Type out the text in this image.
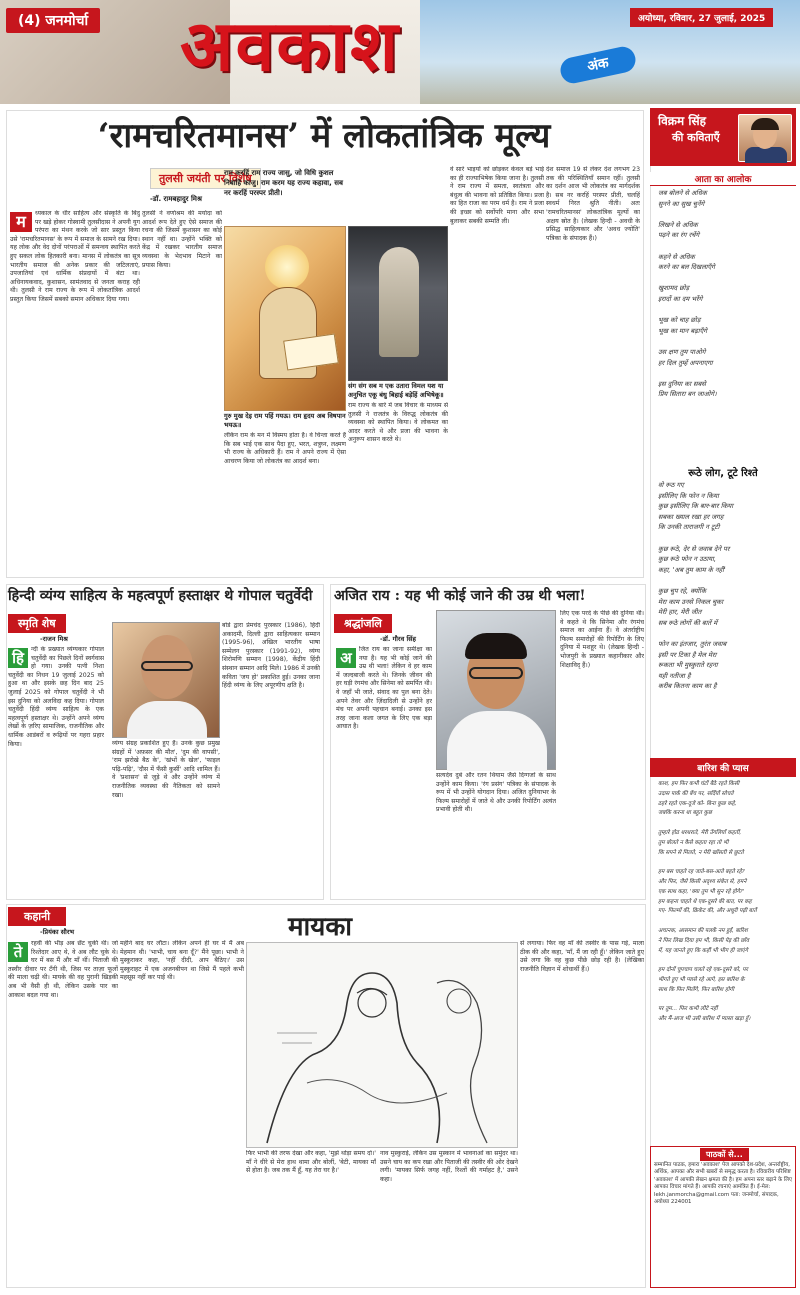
(4) जनमोर्चा अवकाश	अंक
अयोध्या, रविवार, 27 जुलाई, 2025
‘रामचरितमानस’ में लोकतांत्रिक मूल्य
तुलसी जयंती पर विशेष
-डॉ. रामबहादुर मिश्र
म	ध्यकाल के धीर साहित्य और संस्कृति के बिंदु पर खड़े होकर गोस्वामी तुलसीदास ने अपनी युग परंपरा का मंथन करके जो सार प्रस्तुत किया उसे 'रामचरितमानस' के रूप में समाज के सामने रख दिया। यह लोक और वेद दोनों परंपराओं में समन्वय स्थापित करते हुए सकल लोक हितकारी बना। मानस में लोकतंत्र का सूत्र भारतीय समाज की अनेक प्रकार की जटिलताएं, उपजातियां एवं धार्मिक संप्रदायों में बंटा था। अधिनायकवाद, कुशासन, सामंतवाद से जनता कराह रही थी। तुलसी ने राम राज्य के रूप में लोकतांत्रिक आदर्श प्रस्तुत किया जिसमें सबको समान अधिकार दिया गया।
तुलसी ने वर्णाश्रम की मर्यादा को आदर्श रूप देते हुए ऐसे समाज की रचना की जिसमें कुशासन का कोई स्थान नहीं था। उन्होंने भक्ति को केंद्र में रखकर भारतीय समाज व्यवस्था के भेदभाव मिटाने का प्रयास किया।
राम करहिं राम राज्य जासु, जो विधि कुशल निबाहि काजु। राम करम यह राज्य कहावा, सब नर करहिं परस्पर प्रीती।
गुरु मुख देइ राम पहिं गयऊ। राम हृदय अब विषपान भयऊ॥
लेकिन राम के मन में विस्मय होता है। वे चिन्ता करते हैं कि सब भाई एक साथ पैदा हुए, भरत, शत्रुघ्न, लक्ष्मण भी राज्य के अधिकारी हैं। राम ने अपने राज्य में ऐसा आचरण किया जो लोकतंत्र का आदर्श बना।
संग संग सब म एक उतारा विमल यश या अनुचित एकू बंधु बिहाई बड़ेहिं अभिषेकू॥
राम राज्य के बारे में जब विचार के माध्यम से तुलसी ने राजतंत्र के विरुद्ध लोकतंत्र की व्यवस्था को स्थापित किया। वे लोकमत का आदर करते थे और प्रजा की भावना के अनुरूप शासन करते थे।
वे सारे भाइयों को छोड़कर केवल बड़े भाई का ही राज्याभिषेक किया जाना है। तुलसी ने राम राज्य में समता, स्वतंत्रता और बंधुत्व की भावना को प्रतिष्ठित किया। प्रजा का हित राजा का परम धर्म है। राम ने प्रजा की इच्छा को सर्वोपरि माना और सभा बुलाकर सबकी सम्मति ली।
देश समाज 19 से लेकर देश लगभग 23 तक की परिस्थितियाँ समान रहीं। तुलसी का दर्शन आज भी लोकतंत्र का मार्गदर्शक है। सब नर करहिं परस्पर प्रीती, चलहिं स्वधर्म निरत श्रुति नीती। अतः 'रामचरितमानस' लोकतांत्रिक मूल्यों का अक्षय स्रोत है। (लेखक हिन्दी - अवधी के प्रसिद्ध साहित्यकार और 'अवध ज्योति' पत्रिका के संपादक हैं।)
विक्रम सिंह
की कविताएँ
आता का आलोक
जब बोलने से अधिक
सुनने का सुख चुनेंगे

लिखने से अधिक
पढ़ने का रंग रचेंगे

कहने से अधिक
करने का बल दिखलाएँगे

खुशामद छोड़
इरादों का दम भरेंगे

भूख को चाह छोड़
भूख का मान बढ़ाएँगे

उस क्षण तुम पाओगे
हर दिल तुम्हें अपनाएगा

इस दुनिया का सबसे
प्रिय सितारा बन जाओगे।
रूठे लोग, टूटे रिश्ते
वो रूठ गए
इसीलिए कि फोन न किया
कुछ इसीलिए कि बार-बार किया
सबका ख्याल रखा हर जगह
कि उनकी ताराजगी न टूटी

कुछ रूठे, देर से जवाब देने पर
कुछ रूठे फोन न उठाया,
कहा, 'अब तुम काम के नहीं'

कुछ चुप रहे, क्योंकि
मेरा काम उनसे निकल चुका
मेरी हार, मेरी जीत
सब रूठे लोगों की बातें में

फोन का इंतजार, तुरंत जवाब
इसी पर टिका है मेल मेरा
रूकता भी मुस्कुराते रहना
यही नतीजा है
करीब कितना काम का है
बारिश की प्यास
काश, हम फिर कभी घंटों बैठे रहते किसी
उदास पार्क की बेंच पर, सर्दियों सोचते
ठहरे रहते एक-दूजे को- बिना कुछ कहे,
जबकि करना था बहुत कुछ

तुम्हारे होठ थरथराते, मेरी उँगलियाँ कहतीं,
तुम बोलते न कैसे कहता रहा तो भी
कि सपने से मिलते, न मेरी खाँसती से छूटते

हम बस चाहते रह जाते-बस-आते बहते रहे?
और फिर, जैसे किसी अदृश्य संकेत से, हमने
एक साथ कहा, 'क्या तुम भी सुन रहे होगे?'
हम कहना चाहते थे एक-दूसरे की बात, पर कह
गए- फिल्मों की, क्रिकेट की, और अधूरी पढ़ी बातें

अचानक, आसमान की पलकें नम हुईं, बारिश
ने फिर लिख दिया हम भी, किसी पेड़ की छाँव
में, यह जानते हुए कि कहीं भी भीग ही जाएंगे

हम दोनों चुपचाप चलते रहे एक-दूसरे को, पर
भीगते हुए भी प्यासे रहे आगे, इस बारिश के
साथ कि फिर मिलेंगे, फिर बारिश होगी

पर तुम... फिर कभी लौटे नहीं
और मैं-आज भी उसी बारिश में प्यासा खड़ा हूँ।
पाठकों से...
सम्मानित पाठक, हमारा 'अवकाश' पेज आपको देश-प्रदेश, अन्तर्राष्ट्रीय, अर्थिक, आपका और सभी खबरों से समृद्ध करता है। रविवारीय परिशिष्ट 'अवकाश' में आपकी लेखन क्षमता की है। हम अपना स्तर बढ़ाने के लिए आपका विचार मांगते हैं। आपकी रचनाएं आमंत्रित हैं। ई-मेल: lekh.janmorcha@gmail.com पता: जनमोर्चा, संपादक, अयोध्या 224001
हिन्दी व्यंग्य साहित्य के महत्वपूर्ण हस्ताक्षर थे गोपाल चतुर्वेदी
स्मृति शेष
-राजन मिश्र
हि	न्दी के प्रख्यात व्यंग्यकार गोपाल चतुर्वेदी का पिछले दिनों स्वर्गवास हो गया। उनकी पत्नी निशा चतुर्वेदी का निधन 19 जुलाई 2025 को हुआ था और इसके छह दिन बाद 25 जुलाई 2025 को गोपाल चतुर्वेदी ने भी इस दुनिया को अलविदा कह दिया। गोपाल चतुर्वेदी हिंदी व्यंग्य साहित्य के एक महत्वपूर्ण हस्ताक्षर थे। उन्होंने अपने व्यंग्य लेखों के ज़रिए सामाजिक, राजनीतिक और धार्मिक आडंबरों व रूढ़ियों पर गहरा प्रहार किया।	व्यंग्य संग्रह प्रकाशित हुए हैं। उनके कुछ प्रमुख संग्रहों में 'अफ़सर की मौत', 'दुम की वापसी', 'राम झरोखे बैठ के', 'खंभों के खेल', 'फाइल पढ़ि-पढ़ि', 'दौस में फँसी कुर्सी' आदि शामिल हैं। वे 'प्रशासन' से जुड़े थे और उन्होंने व्यंग्य में राजनीतिक व्यवस्था की नैतिकता को सामने रखा।
बोर्ड द्वारा प्रेमचंद पुरस्कार (1986), हिंदी अकादमी, दिल्ली द्वारा साहित्यकार सम्मान (1995-96), अखिल भारतीय भाषा सम्मेलन पुरस्कार (1991-92), व्यंग्य शिरोमणि सम्मान (1998), केंद्रीय हिंदी संस्थान सम्मान आदि मिले। 1986 में उनकी कविता 'जय हो' प्रकाशित हुई। उनका जाना हिंदी व्यंग्य के लिए अपूरणीय क्षति है।
अजित राय : यह भी कोई जाने की उम्र थी भला!
श्रद्धांजलि
-डॉ. गौरव सिंह
अ	जित राय का जाना समीक्षा का नया है। यह भी कोई जाने की उम्र थी भला! लेकिन वे हर काम में जल्दबाजी करते थे। जिनके जीवन की हर घड़ी रंगमंच और सिनेमा को समर्पित थी। वे जहाँ भी जाते, संवाद का पुल बना देते। अपने तेवर और ज़िंदादिली से उन्होंने हर मंच पर अपनी पहचान बनाई। उनका इस तरह जाना कला जगत के लिए एक बड़ा आघात है।
सत्यदेव दुबे और रतन थियाम जैसे दिग्गजों के साथ उन्होंने काम किया। 'रंग प्रसंग' पत्रिका के संपादक के रूप में भी उन्होंने योगदान दिया। अजित दुनियाभर के फिल्म समारोहों में जाते थे और उनकी रिपोर्टिंग अत्यंत प्रभावी होती थी।
लिए एक परदे के पीछे की दुनिया थी। वे कहते थे कि सिनेमा और रंगमंच समाज का आईना हैं। वे अंतर्राष्ट्रीय फिल्म समारोहों की रिपोर्टिंग के लिए दुनिया में मशहूर थे। (लेखक हिन्दी - भोजपुरी के प्रख्यात कहानीकार और शिक्षाविद् हैं।)
कहानी
-प्रियंका सौरभ	मायका
ते	रहवीं की भीड़ अब छँट चुकी थी। जो रिश्तेदार आए थे, वे अब लौट चुके थे। घर में बस मैं और माँ थीं। पिताजी की तस्वीर दीवार पर टँगी थी, जिस पर ताज़ा फूलों की माला चढ़ी थी। मायके की वह पुरानी खिड़की अब भी वैसी ही थी, लेकिन उसके पार का आकाश बदल गया था।
महीने बाद घर लौटा। लेकिन अपने ही घर में मैं अब मेहमान थी। 'भाभी, चाय बना दूँ?' मैंने पूछा। भाभी ने मुस्कुराकर कहा, 'नहीं दीदी, आप बैठिए।' उस मुस्कुराहट में एक अजनबीपन था जिसे मैं पहले कभी महसूस नहीं कर पाई थी।
फिर भाभी की तरफ देखा और कहा, 'मुझे थोड़ा समय दो।' माँ ने धीरे से मेरा हाथ थामा और बोलीं, 'बेटी, मायका माँ से होता है। जब तक मैं हूँ, यह तेरा घर है।'
नाव मुस्कुराई, लेकिन उस मुस्कान में भावनाओं का समुंदर था। उसने चाय का कप रखा और पिताजी की तस्वीर की ओर देखने लगी। 'मायका सिर्फ जगह नहीं, रिश्तों की गर्माहट है,' उसने कहा।
से लगाया। फिर वह माँ की तस्वीर के पास गई, माला ठीक की और कहा, 'माँ, मैं जा रही हूँ।' लेकिन जाते हुए उसे लगा कि वह कुछ पीछे छोड़ रही है। (लेखिका राजनीति विज्ञान में शोधार्थी हैं।)
